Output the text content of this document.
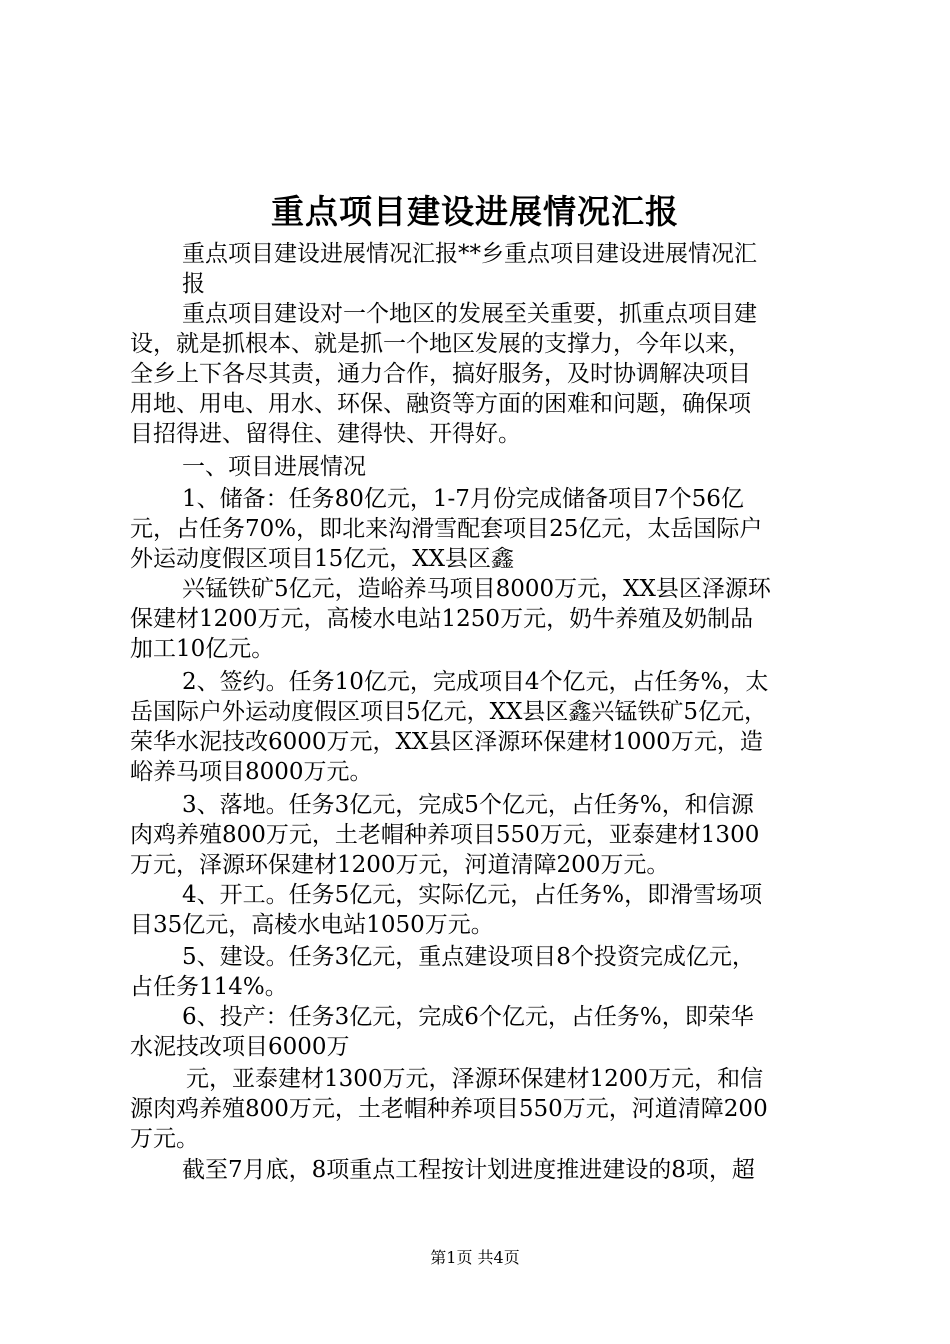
重点项目建设进展情况汇报
重点项目建设进展情况汇报**乡重点项目建设进展情况汇
报
重点项目建设对一个地区的发展至关重要，抓重点项目建
设，就是抓根本、就是抓一个地区发展的支撑力，今年以来，
全乡上下各尽其责，通力合作，搞好服务，及时协调解决项目
用地、用电、用水、环保、融资等方面的困难和问题，确保项
目招得进、留得住、建得快、开得好。
一、项目进展情况
1、储备：任务80亿元，1-7月份完成储备项目7个56亿
元，占任务70%，即北来沟滑雪配套项目25亿元，太岳国际户
外运动度假区项目15亿元，XX县区鑫
兴锰铁矿5亿元，造峪养马项目8000万元，XX县区泽源环
保建材1200万元，高棱水电站1250万元，奶牛养殖及奶制品
加工10亿元。
2、签约。任务10亿元，完成项目4个亿元，占任务%，太
岳国际户外运动度假区项目5亿元，XX县区鑫兴锰铁矿5亿元，
荣华水泥技改6000万元，XX县区泽源环保建材1000万元，造
峪养马项目8000万元。
3、落地。任务3亿元，完成5个亿元，占任务%，和信源
肉鸡养殖800万元，土老帽种养项目550万元，亚泰建材1300
万元，泽源环保建材1200万元，河道清障200万元。
4、开工。任务5亿元，实际亿元，占任务%，即滑雪场项
目35亿元，高棱水电站1050万元。
5、建设。任务3亿元，重点建设项目8个投资完成亿元，
占任务114%。
6、投产：任务3亿元，完成6个亿元，占任务%，即荣华
水泥技改项目6000万
元，亚泰建材1300万元，泽源环保建材1200万元，和信
源肉鸡养殖800万元，土老帽种养项目550万元，河道清障200
万元。
截至7月底，8项重点工程按计划进度推进建设的8项，超
第1页 共4页
